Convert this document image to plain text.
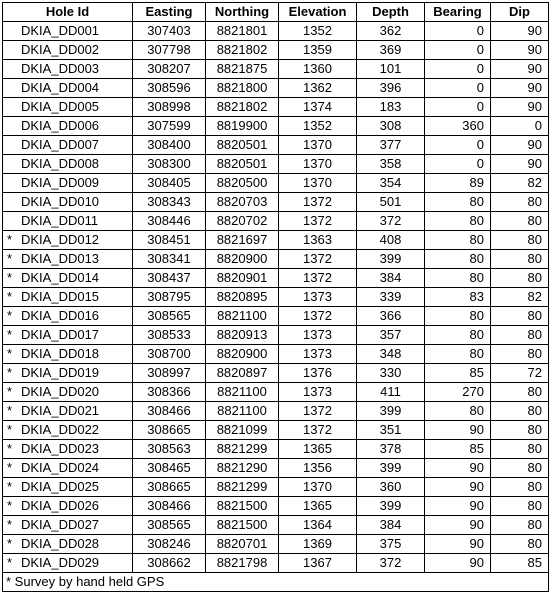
Hole Id	Easting	Northing	Elevation	Depth	Bearing	Dip
DKIA_DD001	307403	8821801	1352	362	0	90
DKIA_DD002	307798	8821802	1359	369	0	90
DKIA_DD003	308207	8821875	1360	101	0	90
DKIA_DD004	308596	8821800	1362	396	0	90
DKIA_DD005	308998	8821802	1374	183	0	90
DKIA_DD006	307599	8819900	1352	308	360	0
DKIA_DD007	308400	8820501	1370	377	0	90
DKIA_DD008	308300	8820501	1370	358	0	90
DKIA_DD009	308405	8820500	1370	354	89	82
DKIA_DD010	308343	8820703	1372	501	80	80
DKIA_DD011	308446	8820702	1372	372	80	80
* DKIA_DD012	308451	8821697	1363	408	80	80
* DKIA_DD013	308341	8820900	1372	399	80	80
* DKIA_DD014	308437	8820901	1372	384	80	80
* DKIA_DD015	308795	8820895	1373	339	83	82
* DKIA_DD016	308565	8821100	1372	366	80	80
* DKIA_DD017	308533	8820913	1373	357	80	80
* DKIA_DD018	308700	8820900	1373	348	80	80
* DKIA_DD019	308997	8820897	1376	330	85	72
* DKIA_DD020	308366	8821100	1373	411	270	80
* DKIA_DD021	308466	8821100	1372	399	80	80
* DKIA_DD022	308665	8821099	1372	351	90	80
* DKIA_DD023	308563	8821299	1365	378	85	80
* DKIA_DD024	308465	8821290	1356	399	90	80
* DKIA_DD025	308665	8821299	1370	360	90	80
* DKIA_DD026	308466	8821500	1365	399	90	80
* DKIA_DD027	308565	8821500	1364	384	90	80
* DKIA_DD028	308246	8820701	1369	375	90	80
* DKIA_DD029	308662	8821798	1367	372	90	85
* Survey by hand held GPS
